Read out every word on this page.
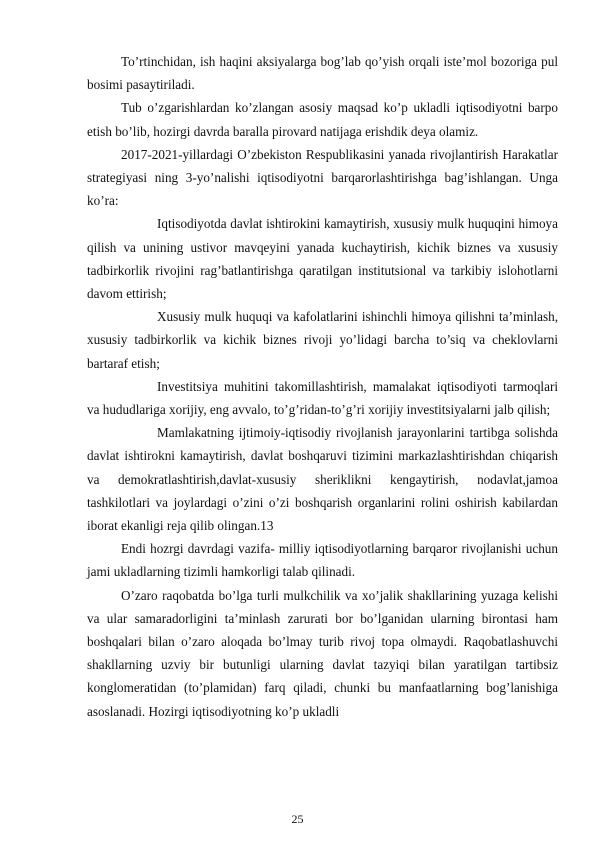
To’rtinchidan, ish haqini aksiyalarga bog’lab qo’yish orqali iste’mol bozoriga pul bosimi pasaytiriladi.

Tub o’zgarishlardan ko’zlangan asosiy maqsad ko’p ukladli iqtisodiyotni barpo etish bo’lib, hozirgi davrda baralla pirovard natijaga erishdik deya olamiz.

2017-2021-yillardagi O’zbekiston Respublikasini yanada rivojlantirish Harakatlar strategiyasi ning 3-yo’nalishi iqtisodiyotni barqarorlashtirishga bag’ishlangan. Unga ko’ra:

Iqtisodiyotda davlat ishtirokini kamaytirish, xususiy mulk huquqini himoya qilish va unining ustivor mavqeyini yanada kuchaytirish, kichik biznes va xususiy tadbirkorlik rivojini rag’batlantirishga qaratilgan institutsional va tarkibiy islohotlarni davom ettirish;

Xususiy mulk huquqi va kafolatlarini ishinchli himoya qilishni ta’minlash, xususiy tadbirkorlik va kichik biznes rivoji yo’lidagi barcha to’siq va cheklovlarni bartaraf etish;

Investitsiya muhitini takomillashtirish, mamalakat iqtisodiyoti tarmoqlari va hududlariga xorijiy, eng avvalo, to’g’ridan-to’g’ri xorijiy investitsiyalarni jalb qilish;

Mamlakatning ijtimoiy-iqtisodiy rivojlanish jarayonlarini tartibga solishda davlat ishtirokni kamaytirish, davlat boshqaruvi tizimini markazlashtirishdan chiqarish va demokratlashtirish,davlat-xususiy sheriklikni kengaytirish, nodavlat,jamoa tashkilotlari va joylardagi o’zini o’zi boshqarish organlarini rolini oshirish kabilardan iborat ekanligi reja qilib olingan.13

Endi hozrgi davrdagi vazifa- milliy iqtisodiyotlarning barqaror rivojlanishi uchun jami ukladlarning tizimli hamkorligi talab qilinadi.

O’zaro raqobatda bo’lga turli mulkchilik va xo’jalik shakllarining yuzaga kelishi va ular samaradorligini ta’minlash zarurati bor bo’lganidan ularning birontasi ham boshqalari bilan o’zaro aloqada bo’lmay turib rivoj topa olmaydi. Raqobatlashuvchi shakllarning uzviy bir butunligi ularning davlat tazyiqi bilan yaratilgan tartibsiz konglomeratidan (to’plamidan) farq qiladi, chunki bu manfaatlarning bog’lanishiga asoslanadi. Hozirgi iqtisodiyotning ko’p ukladli

25
